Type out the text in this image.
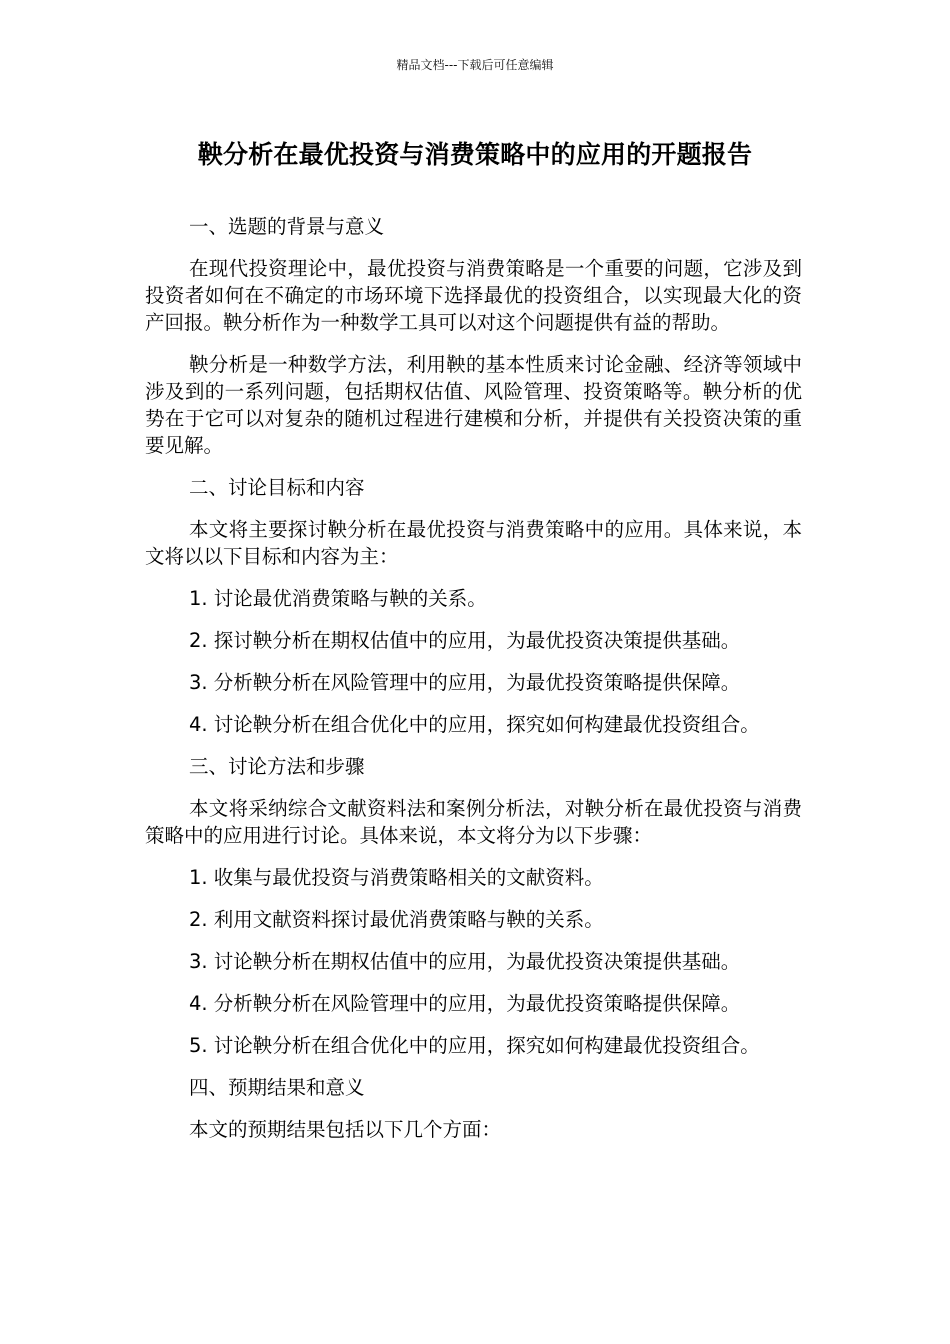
精品文档---下载后可任意编辑
鞅分析在最优投资与消费策略中的应用的开题报告

一、选题的背景与意义

在现代投资理论中，最优投资与消费策略是一个重要的问题，它涉及到投资者如何在不确定的市场环境下选择最优的投资组合，以实现最大化的资产回报。鞅分析作为一种数学工具可以对这个问题提供有益的帮助。

鞅分析是一种数学方法，利用鞅的基本性质来讨论金融、经济等领域中涉及到的一系列问题，包括期权估值、风险管理、投资策略等。鞅分析的优势在于它可以对复杂的随机过程进行建模和分析，并提供有关投资决策的重要见解。

二、讨论目标和内容

本文将主要探讨鞅分析在最优投资与消费策略中的应用。具体来说，本文将以以下目标和内容为主：

1. 讨论最优消费策略与鞅的关系。

2. 探讨鞅分析在期权估值中的应用，为最优投资决策提供基础。

3. 分析鞅分析在风险管理中的应用，为最优投资策略提供保障。

4. 讨论鞅分析在组合优化中的应用，探究如何构建最优投资组合。

三、讨论方法和步骤

本文将采纳综合文献资料法和案例分析法，对鞅分析在最优投资与消费策略中的应用进行讨论。具体来说，本文将分为以下步骤：

1. 收集与最优投资与消费策略相关的文献资料。

2. 利用文献资料探讨最优消费策略与鞅的关系。

3. 讨论鞅分析在期权估值中的应用，为最优投资决策提供基础。

4. 分析鞅分析在风险管理中的应用，为最优投资策略提供保障。

5. 讨论鞅分析在组合优化中的应用，探究如何构建最优投资组合。

四、预期结果和意义

本文的预期结果包括以下几个方面：
